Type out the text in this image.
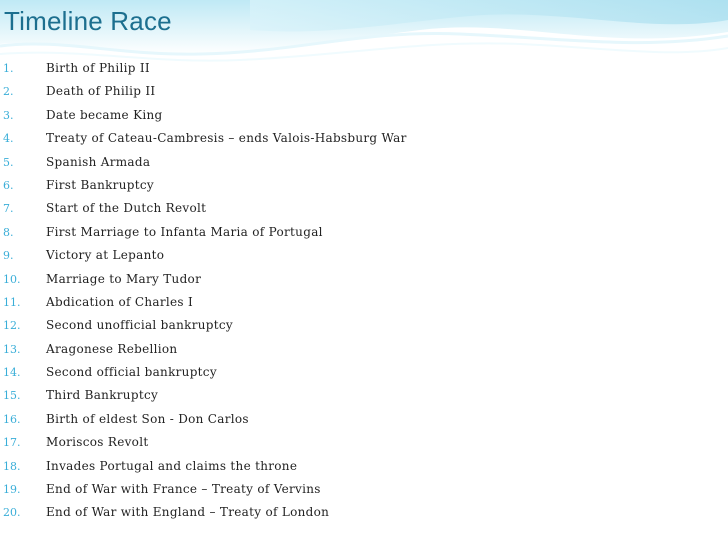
Timeline Race
1.	Birth of Philip II
2.	Death of Philip II
3.	Date became King
4.	Treaty of Cateau-Cambresis – ends Valois-Habsburg War
5.	Spanish Armada
6.	First Bankruptcy
7.	Start of the Dutch Revolt
8.	First Marriage to Infanta Maria of Portugal
9.	Victory at Lepanto
10.	Marriage to Mary Tudor
11.	Abdication of Charles I
12.	Second unofficial bankruptcy
13.	Aragonese Rebellion
14.	Second official bankruptcy
15.	Third Bankruptcy
16.	Birth of eldest Son - Don Carlos
17.	Moriscos Revolt
18.	Invades Portugal and claims the throne
19.	End of War with France – Treaty of Vervins
20.	End of War with England – Treaty of London
